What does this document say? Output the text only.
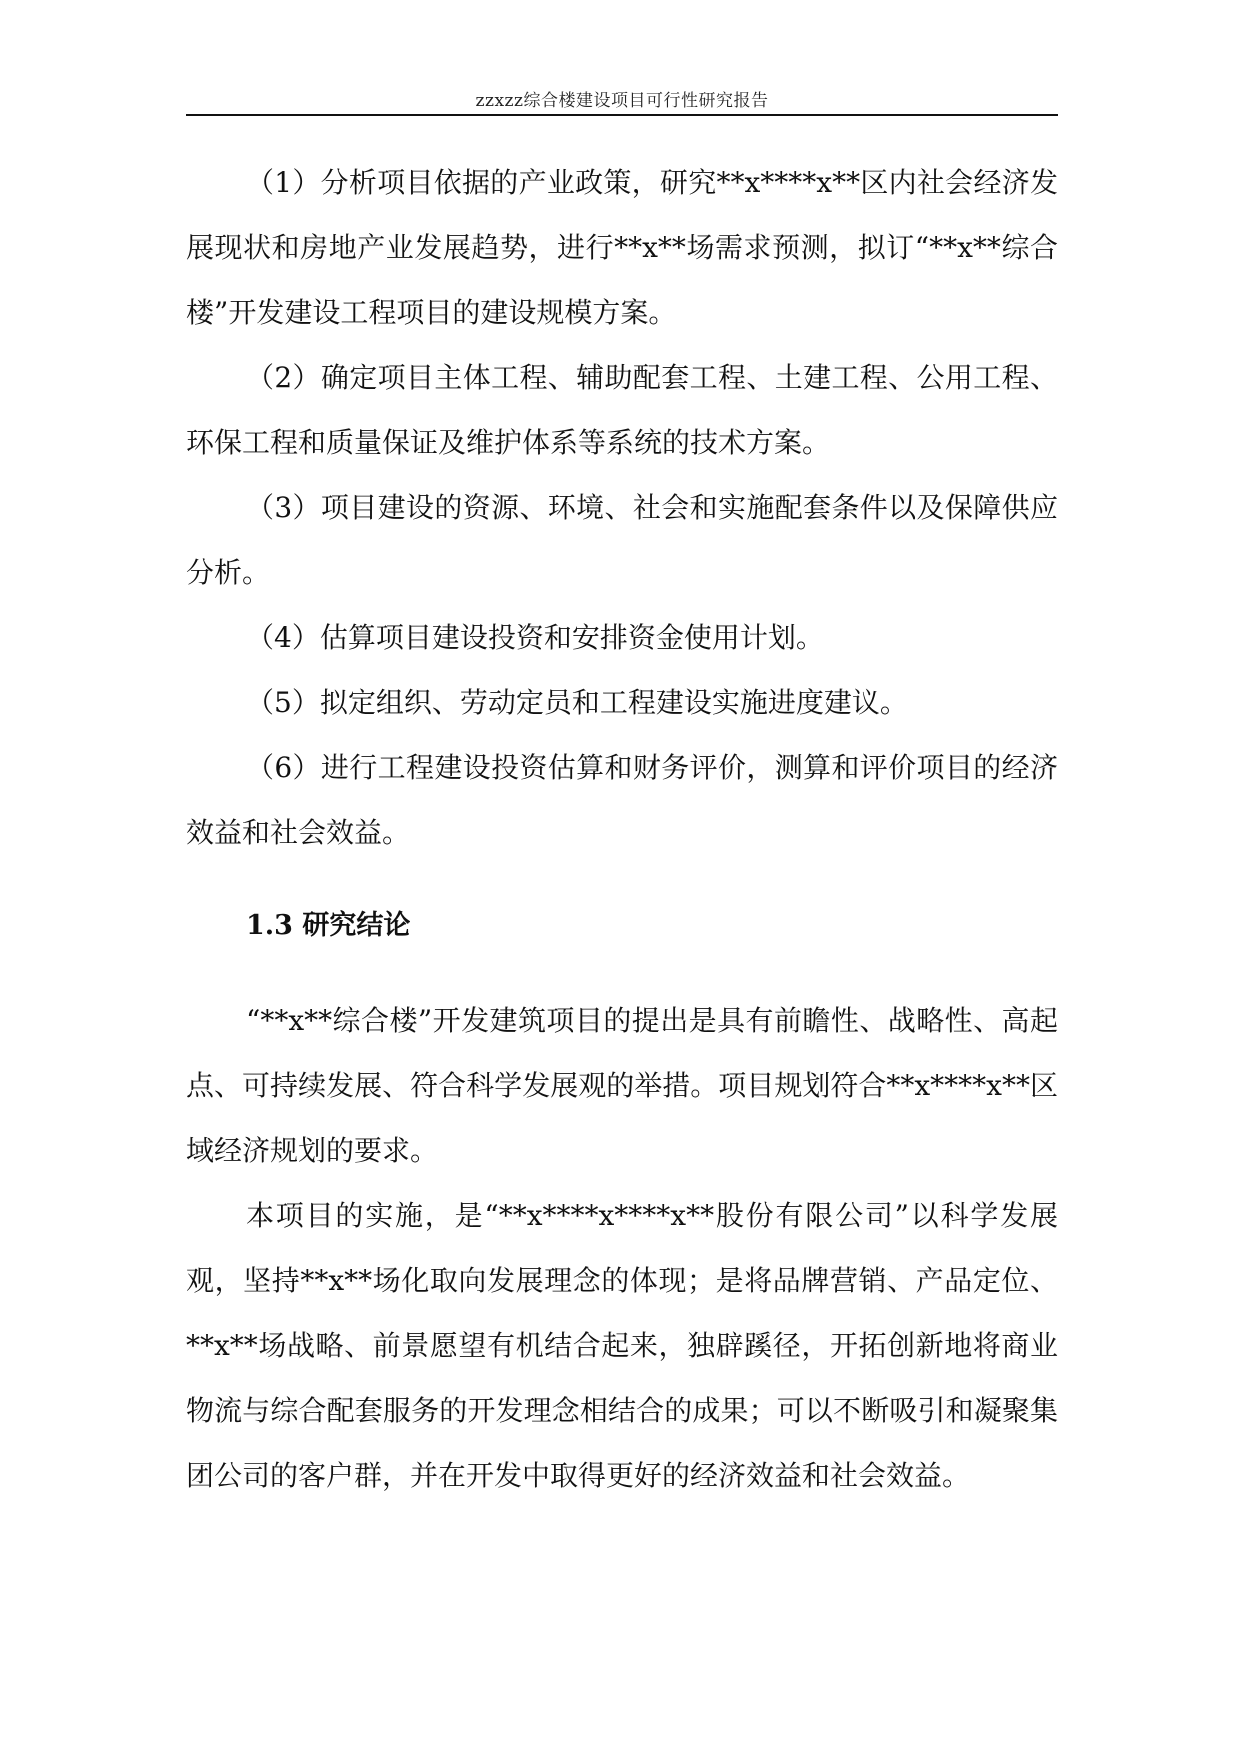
zzxzz综合楼建设项目可行性研究报告

（1）分析项目依据的产业政策，研究**x****x**区内社会经济发展现状和房地产业发展趋势，进行**x**场需求预测，拟订“**x**综合楼”开发建设工程项目的建设规模方案。

（2）确定项目主体工程、辅助配套工程、土建工程、公用工程、环保工程和质量保证及维护体系等系统的技术方案。

（3）项目建设的资源、环境、社会和实施配套条件以及保障供应分析。

（4）估算项目建设投资和安排资金使用计划。

（5）拟定组织、劳动定员和工程建设实施进度建议。

（6）进行工程建设投资估算和财务评价，测算和评价项目的经济效益和社会效益。

1.3 研究结论

“**x**综合楼”开发建筑项目的提出是具有前瞻性、战略性、高起点、可持续发展、符合科学发展观的举措。项目规划符合**x****x**区域经济规划的要求。

本项目的实施，是“**x****x****x**股份有限公司”以科学发展观，坚持**x**场化取向发展理念的体现；是将品牌营销、产品定位、**x**场战略、前景愿望有机结合起来，独辟蹊径，开拓创新地将商业物流与综合配套服务的开发理念相结合的成果；可以不断吸引和凝聚集团公司的客户群，并在开发中取得更好的经济效益和社会效益。
